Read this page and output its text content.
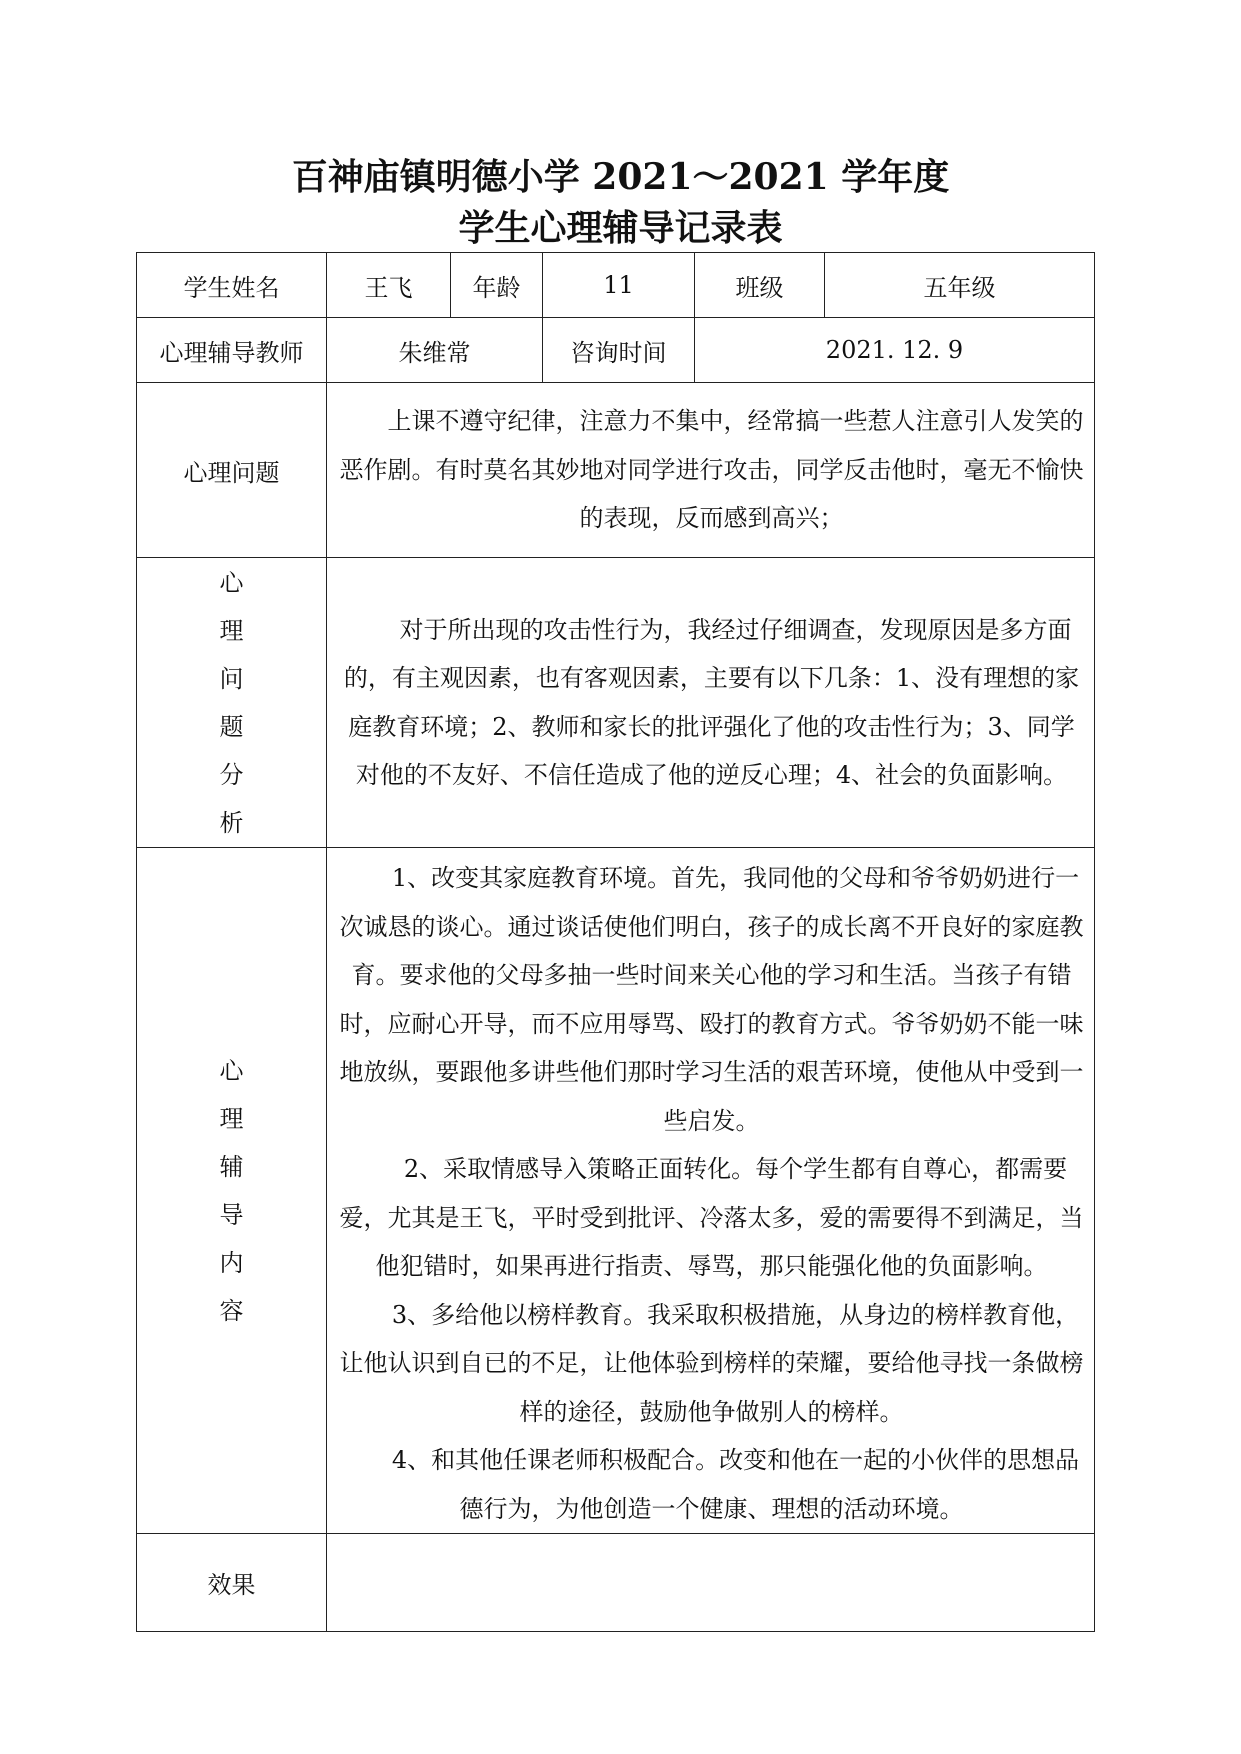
百神庙镇明德小学 2021～2021 学年度
学生心理辅导记录表
学生姓名	王飞	年龄	11	班级	五年级
心理辅导教师	朱维常		咨询时间	2021. 12. 9	
心理问题	上课不遵守纪律，注意力不集中，经常搞一些惹人注意引人发笑的恶作剧。有时莫名其妙地对同学进行攻击，同学反击他时，毫无不愉快的表现，反而感到高兴；				

心理问题分析	对于所出现的攻击性行为，我经过仔细调查，发现原因是多方面的，有主观因素，也有客观因素，主要有以下几条：1、没有理想的家庭教育环境；2、教师和家长的批评强化了他的攻击性行为；3、同学对他的不友好、不信任造成了他的逆反心理；4、社会的负面影响。				

心理辅导内容	1、改变其家庭教育环境。首先，我同他的父母和爷爷奶奶进行一次诚恳的谈心。通过谈话使他们明白，孩子的成长离不开良好的家庭教育。要求他的父母多抽一些时间来关心他的学习和生活。当孩子有错时，应耐心开导，而不应用辱骂、殴打的教育方式。爷爷奶奶不能一味地放纵，要跟他多讲些他们那时学习生活的艰苦环境，使他从中受到一些启发。

2、采取情感导入策略正面转化。每个学生都有自尊心，都需要爱，尤其是王飞，平时受到批评、冷落太多，爱的需要得不到满足，当他犯错时，如果再进行指责、辱骂，那只能强化他的负面影响。

3、多给他以榜样教育。我采取积极措施，从身边的榜样教育他，让他认识到自已的不足，让他体验到榜样的荣耀，要给他寻找一条做榜样的途径，鼓励他争做别人的榜样。

4、和其他任课老师积极配合。改变和他在一起的小伙伴的思想品德行为，为他创造一个健康、理想的活动环境。				

效果					
